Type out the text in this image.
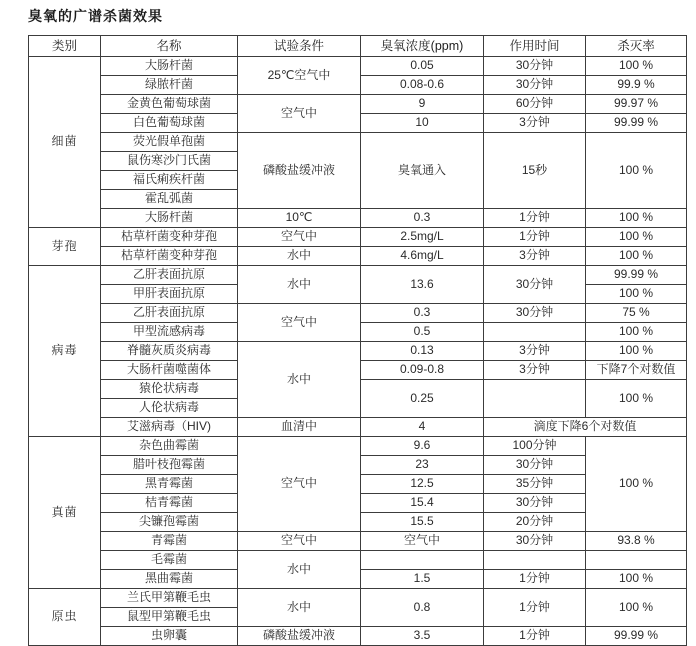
臭氧的广谱杀菌效果
类别	名称	试验条件	臭氧浓度(ppm)	作用时间	杀灭率
细菌	大肠杆菌	25℃空气中	0.05	30分钟	100 %
	绿脓杆菌		0.08-0.6	30分钟	99.9 %
	金黄色葡萄球菌	空气中	9	60分钟	99.97 %
	白色葡萄球菌		10	3分钟	99.99 %
	荧光假单孢菌	磷酸盐缓冲液	臭氧通入	15秒	100 %
	鼠伤寒沙门氏菌				
	福氏痢疾杆菌				
	霍乱弧菌				
	大肠杆菌	10℃	0.3	1分钟	100 %
芽孢	枯草杆菌变种芽孢	空气中	2.5mg/L	1分钟	100 %
	枯草杆菌变种芽孢	水中	4.6mg/L	3分钟	100 %
病毒	乙肝表面抗原	水中	13.6	30分钟	99.99 %
	甲肝表面抗原				100 %
	乙肝表面抗原	空气中	0.3	30分钟	75 %
	甲型流感病毒		0.5		100 %
	脊髓灰质炎病毒	水中	0.13	3分钟	100 %
	大肠杆菌噬菌体		0.09-0.8	3分钟	下降7个对数值
	猿伦状病毒		0.25		100 %
	人伦状病毒				
	艾滋病毒（HIV)	血清中	4	滴度下降6个对数值	
真菌	杂色曲霉菌	空气中	9.6	100分钟	100 %
	腊叶枝孢霉菌		23	30分钟	
	黑青霉菌		12.5	35分钟	
	桔青霉菌		15.4	30分钟	
	尖镰孢霉菌		15.5	20分钟	
	青霉菌	空气中	空气中	30分钟	93.8 %
	毛霉菌	水中			
	黑曲霉菌		1.5	1分钟	100 %
原虫	兰氏甲第鞭毛虫	水中	0.8	1分钟	100 %
	鼠型甲第鞭毛虫				
	虫卵囊	磷酸盐缓冲液	3.5	1分钟	99.99 %
